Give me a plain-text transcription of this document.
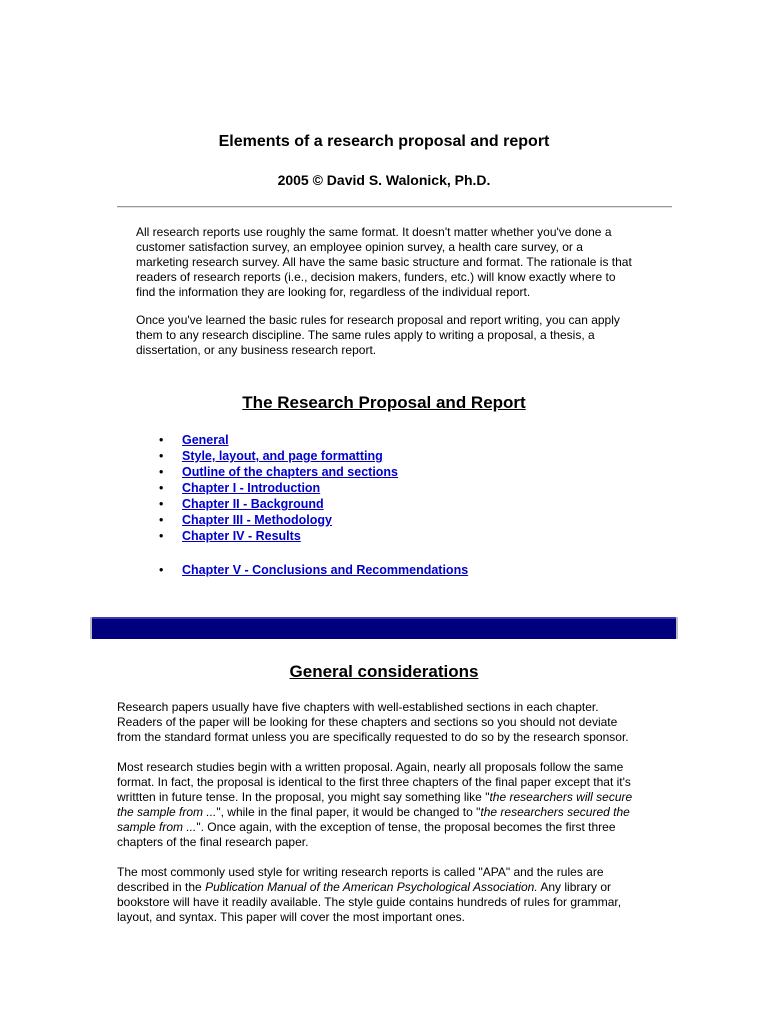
Elements of a research proposal and report
2005 © David S. Walonick, Ph.D.

All research reports use roughly the same format. It doesn't matter whether you've done a customer satisfaction survey, an employee opinion survey, a health care survey, or a marketing research survey. All have the same basic structure and format. The rationale is that readers of research reports (i.e., decision makers, funders, etc.) will know exactly where to find the information they are looking for, regardless of the individual report.

Once you've learned the basic rules for research proposal and report writing, you can apply them to any research discipline. The same rules apply to writing a proposal, a thesis, a dissertation, or any business research report.

The Research Proposal and Report
• General
• Style, layout, and page formatting
• Outline of the chapters and sections
• Chapter I - Introduction
• Chapter II - Background
• Chapter III - Methodology
• Chapter IV - Results
• Chapter V - Conclusions and Recommendations
General considerations

Research papers usually have five chapters with well-established sections in each chapter. Readers of the paper will be looking for these chapters and sections so you should not deviate from the standard format unless you are specifically requested to do so by the research sponsor.

Most research studies begin with a written proposal. Again, nearly all proposals follow the same format. In fact, the proposal is identical to the first three chapters of the final paper except that it's writtten in future tense. In the proposal, you might say something like "the researchers will secure the sample from ...", while in the final paper, it would be changed to "the researchers secured the sample from ...". Once again, with the exception of tense, the proposal becomes the first three chapters of the final research paper.

The most commonly used style for writing research reports is called "APA" and the rules are described in the Publication Manual of the American Psychological Association. Any library or bookstore will have it readily available. The style guide contains hundreds of rules for grammar, layout, and syntax. This paper will cover the most important ones.
